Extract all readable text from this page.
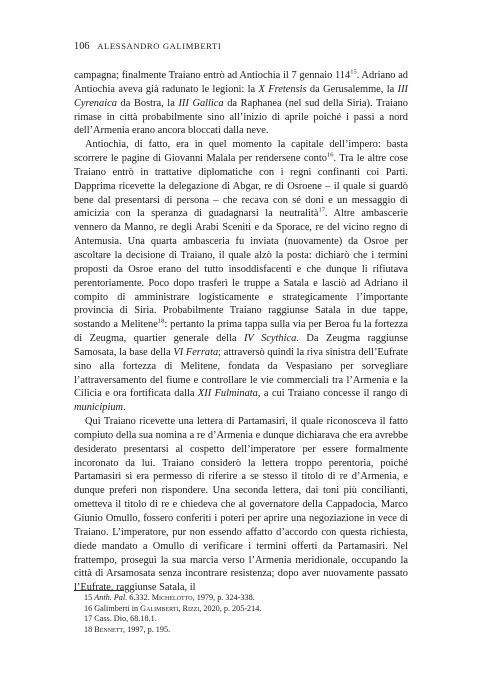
106 ALESSANDRO GALIMBERTI

campagna; finalmente Traiano entrò ad Antiochia il 7 gennaio $114^{15}$. Adriano ad Antiochia aveva già radunato le legioni: la X Fretensis da Gerusalemme, la III Cyrenaica da Bostra, la III Gallica da Raphanea (nel sud della Siria). Traiano rimase in città probabilmente sino all’inizio di aprile poiché i passi a nord dell’Armenia erano ancora bloccati dalla neve.

Antiochia, di fatto, era in quel momento la capitale dell’impero: basta scorrere le pagine di Giovanni Malala per rendersene conto$^{16}$. Tra le altre cose Traiano entrò in trattative diplomatiche con i regni confinanti coi Parti. Dapprima ricevette la delegazione di Abgar, re di Osroene – il quale si guardò bene dal presentarsi di persona – che recava con sé doni e un messaggio di amicizia con la speranza di guadagnarsi la neutralità$^{17}$. Altre ambascerie vennero da Manno, re degli Arabi Sceniti e da Sporace, re del vicino regno di Antemusia. Una quarta ambasceria fu inviata (nuovamente) da Osroe per ascoltare la decisione di Traiano, il quale alzò la posta: dichiarò che i termini proposti da Osroe erano del tutto insoddisfacenti e che dunque li rifiutava perentoriamente. Poco dopo trasferì le truppe a Satala e lasciò ad Adriano il compito di amministrare logisticamente e strategicamente l’importante provincia di Siria. Probabilmente Traiano raggiunse Satala in due tappe, sostando a Melitene$^{18}$: pertanto la prima tappa sulla via per Beroa fu la fortezza di Zeugma, quartier generale della IV Scythica. Da Zeugma raggiunse Samosata, la base della VI Ferrata; attraversò quindi la riva sinistra dell’Eufrate sino alla fortezza di Melitene, fondata da Vespasiano per sorvegliare l’attraversamento del fiume e controllare le vie commerciali tra l’Armenia e la Cilicia e ora fortificata dalla XII Fulminata, a cui Traiano concesse il rango di municipium.

Qui Traiano ricevette una lettera di Partamasiri, il quale riconosceva il fatto compiuto della sua nomina a re d’Armenia e dunque dichiarava che era avrebbe desiderato presentarsi al cospetto dell’imperatore per essere formalmente incoronato da lui. Traiano considerò la lettera troppo perentoria, poiché Partamasiri si era permesso di riferire a se stesso il titolo di re d’Armenia, e dunque preferì non rispondere. Una seconda lettera, dai toni più concilianti, ometteva il titolo di re e chiedeva che al governatore della Cappadocia, Marco Giunio Omullo, fossero conferiti i poteri per aprire una negoziazione in vece di Traiano. L’imperatore, pur non essendo affatto d’accordo con questa richiesta, diede mandato a Omullo di verificare i termini offerti da Partamasiri. Nel frattempo, proseguì la sua marcia verso l’Armenia meridionale, occupando la città di Arsamosata senza incontrare resistenza; dopo aver nuovamente passato l’Eufrate, raggiunse Satala, il

15 Anth. Pal. 6.332. Michelotto, 1979, p. 324-338.
16 Galimberti in Galimberti, Rizzi, 2020, p. 205-214.
17 Cass. Dio, 68.18.1.
18 Bennett, 1997, p. 195.
